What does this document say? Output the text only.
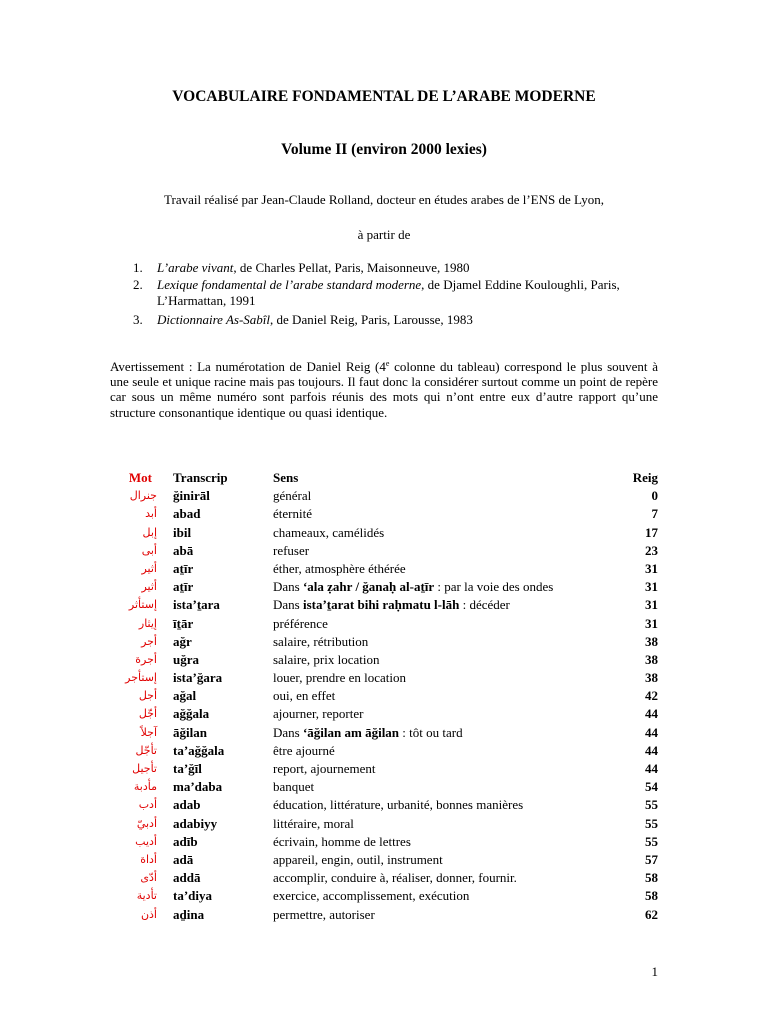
VOCABULAIRE FONDAMENTAL DE L’ARABE MODERNE
Volume II (environ 2000 lexies)

Travail réalisé par Jean-Claude Rolland, docteur en études arabes de l’ENS de Lyon,

à partir de

1. L’arabe vivant, de Charles Pellat, Paris, Maisonneuve, 1980
2. Lexique fondamental de l’arabe standard moderne, de Djamel Eddine Kouloughli, Paris, L’Harmattan, 1991
3. Dictionnaire As-Sabîl, de Daniel Reig, Paris, Larousse, 1983

Avertissement : La numérotation de Daniel Reig (4e colonne du tableau) correspond le plus souvent à une seule et unique racine mais pas toujours. Il faut donc la considérer surtout comme un point de repère car sous un même numéro sont parfois réunis des mots qui n’ont entre eux d’autre rapport qu’une structure consonantique identique ou quasi identique.

Mot	Transcrip	Sens	Reig
جنرال ğinirāl	général	0
أبد abad	éternité	7
إبل ibil	chameaux, camélidés	17
أبى abā	refuser	23
أثير aṯīr	éther, atmosphère éthérée	31
أثير aṯīr	Dans ‘ala ẓahr / ğanaḥ al-aṯīr : par la voie des ondes	31
إستأثر ista’ṯara	Dans ista’ṯarat bihi raḥmatu l-lāh : décéder	31
إيثار īṯār	préférence	31
أجر ağr	salaire, rétribution	38
أجرة uğra	salaire, prix location	38
إستأجر ista’ğara	louer, prendre en location	38
أجل ağal	oui, en effet	42
أجّل ağğala	ajourner, reporter	44
آجلاً āğilan	Dans ‘āğilan am āğilan : tôt ou tard	44
تأجّل ta’ağğala	être ajourné	44
تأجيل ta’ğīl	report, ajournement	44
مأدبة ma’daba	banquet	54
أدب adab	éducation, littérature, urbanité, bonnes manières	55
أدبيّ adabiyy	littéraire, moral	55
أديب adīb	écrivain, homme de lettres	55
أداة adā	appareil, engin, outil, instrument	57
أدّى addā	accomplir, conduire à, réaliser, donner, fournir.	58
تأدية ta’diya	exercice, accomplissement, exécution	58
أذن aḏina	permettre, autoriser	62
1
